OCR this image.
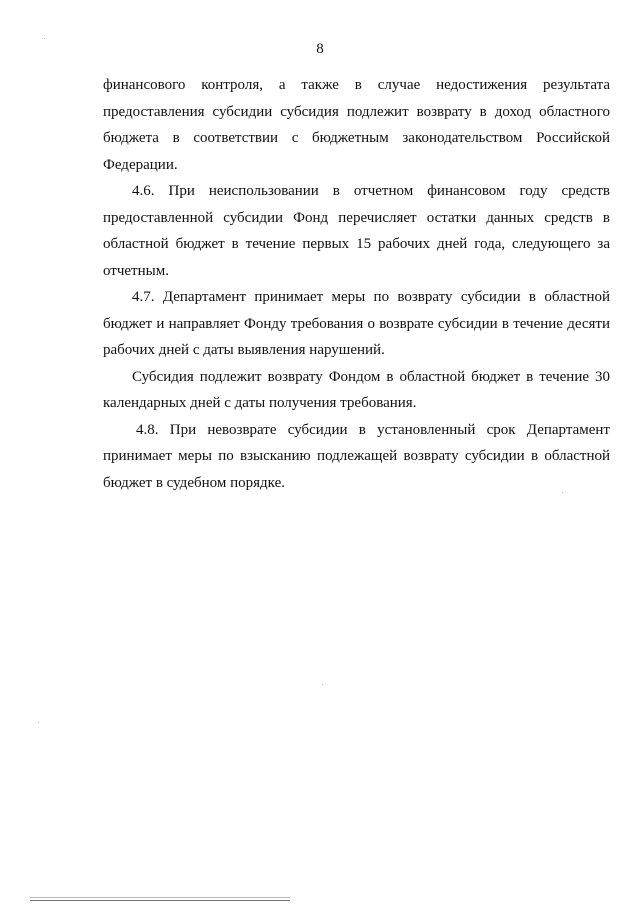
8

финансового контроля, а также в случае недостижения результата предоставления субсидии субсидия подлежит возврату в доход областного бюджета в соответствии с бюджетным законодательством Российской Федерации.

4.6. При неиспользовании в отчетном финансовом году средств предоставленной субсидии Фонд перечисляет остатки данных средств в областной бюджет в течение первых 15 рабочих дней года, следующего за отчетным.

4.7. Департамент принимает меры по возврату субсидии в областной бюджет и направляет Фонду требования о возврате субсидии в течение десяти рабочих дней с даты выявления нарушений.

Субсидия подлежит возврату Фондом в областной бюджет в течение 30 календарных дней с даты получения требования.

4.8. При невозврате субсидии в установленный срок Департамент принимает меры по взысканию подлежащей возврату субсидии в областной бюджет в судебном порядке.
